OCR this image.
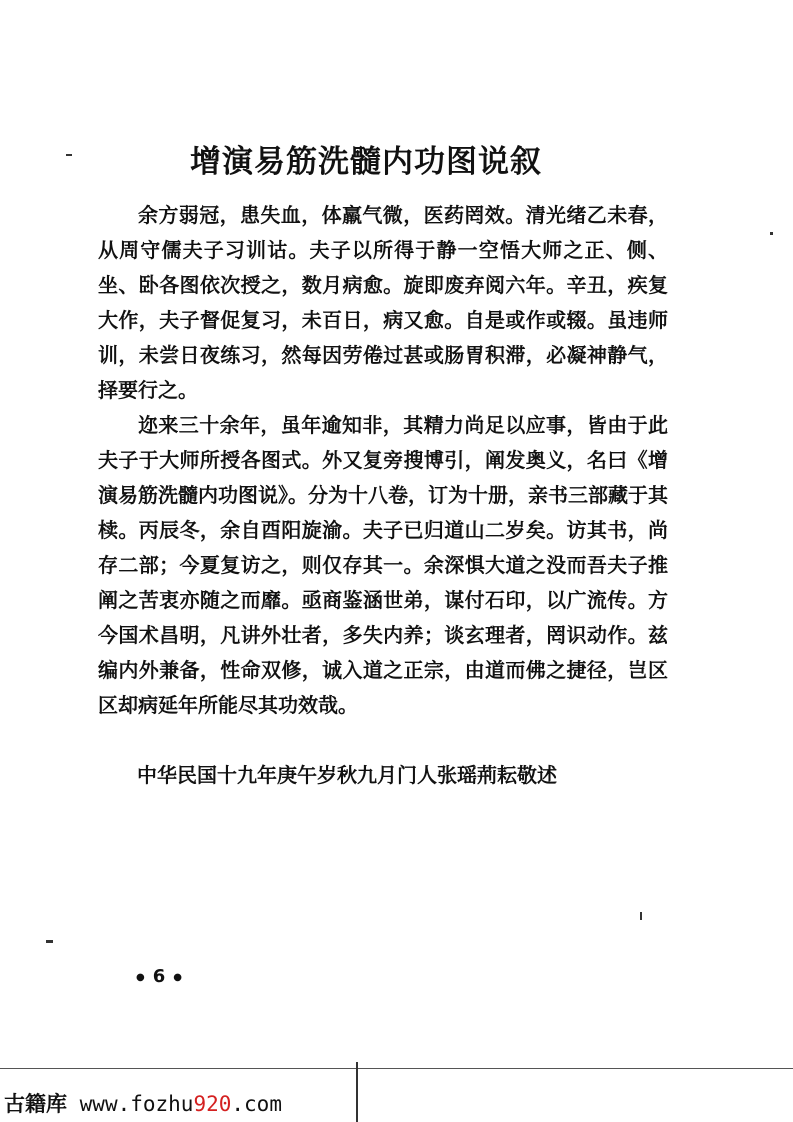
增演易筋洗髓内功图说叙

余方弱冠，患失血，体羸气微，医药罔效。清光绪乙未春，从周守儒夫子习训诂。夫子以所得于静一空悟大师之正、侧、坐、卧各图依次授之，数月病愈。旋即废弃阅六年。辛丑，疾复大作，夫子督促复习，未百日，病又愈。自是或作或辍。虽违师训，未尝日夜练习，然每因劳倦过甚或肠胃积滞，必凝神静气，择要行之。

迩来三十余年，虽年逾知非，其精力尚足以应事，皆由于此夫子于大师所授各图式。外又复旁搜博引，阐发奥义，名曰《增演易筋洗髓内功图说》。分为十八卷，订为十册，亲书三部藏于其椟。丙辰冬，余自酉阳旋渝。夫子已归道山二岁矣。访其书，尚存二部；今夏复访之，则仅存其一。余深惧大道之没而吾夫子推阐之苦衷亦随之而靡。亟商鉴涵世弟，谋付石印，以广流传。方今国术昌明，凡讲外壮者，多失内养；谈玄理者，罔识动作。兹编内外兼备，性命双修，诚入道之正宗，由道而佛之捷径，岂区区却病延年所能尽其功效哉。

中华民国十九年庚午岁秋九月门人张瑶荊耘敬述
● 6 ●
古籍库 www.fozhu920.com
